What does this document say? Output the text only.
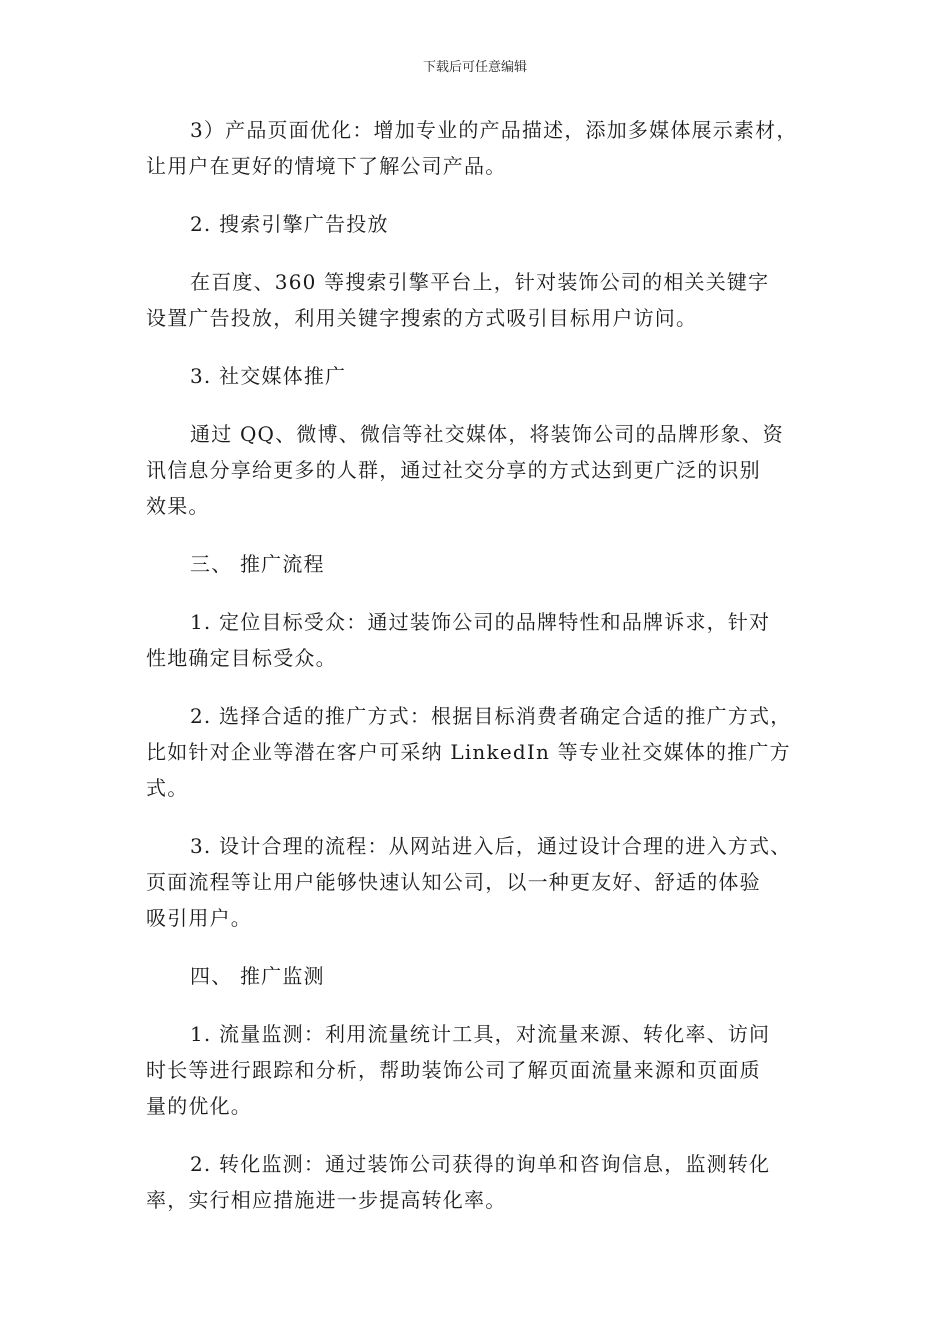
下载后可任意编辑
3）产品页面优化：增加专业的产品描述，添加多媒体展示素材，
让用户在更好的情境下了解公司产品。
2. 搜索引擎广告投放
在百度、360 等搜索引擎平台上，针对装饰公司的相关关键字
设置广告投放，利用关键字搜索的方式吸引目标用户访问。
3. 社交媒体推广
通过 QQ、微博、微信等社交媒体，将装饰公司的品牌形象、资
讯信息分享给更多的人群，通过社交分享的方式达到更广泛的识别
效果。
三、 推广流程
1. 定位目标受众：通过装饰公司的品牌特性和品牌诉求，针对
性地确定目标受众。
2. 选择合适的推广方式：根据目标消费者确定合适的推广方式，
比如针对企业等潜在客户可采纳 LinkedIn 等专业社交媒体的推广方
式。
3. 设计合理的流程：从网站进入后，通过设计合理的进入方式、
页面流程等让用户能够快速认知公司，以一种更友好、舒适的体验
吸引用户。
四、 推广监测
1. 流量监测：利用流量统计工具，对流量来源、转化率、访问
时长等进行跟踪和分析，帮助装饰公司了解页面流量来源和页面质
量的优化。
2. 转化监测：通过装饰公司获得的询单和咨询信息，监测转化
率，实行相应措施进一步提高转化率。
